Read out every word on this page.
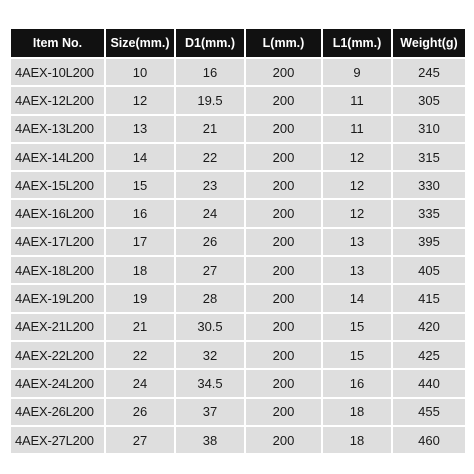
Item No.	Size(mm.)	D1(mm.)	L(mm.)	L1(mm.)	Weight(g)
4AEX-10L200	10	16	200	9	245
4AEX-12L200	12	19.5	200	11	305
4AEX-13L200	13	21	200	11	310
4AEX-14L200	14	22	200	12	315
4AEX-15L200	15	23	200	12	330
4AEX-16L200	16	24	200	12	335
4AEX-17L200	17	26	200	13	395
4AEX-18L200	18	27	200	13	405
4AEX-19L200	19	28	200	14	415
4AEX-21L200	21	30.5	200	15	420
4AEX-22L200	22	32	200	15	425
4AEX-24L200	24	34.5	200	16	440
4AEX-26L200	26	37	200	18	455
4AEX-27L200	27	38	200	18	460
